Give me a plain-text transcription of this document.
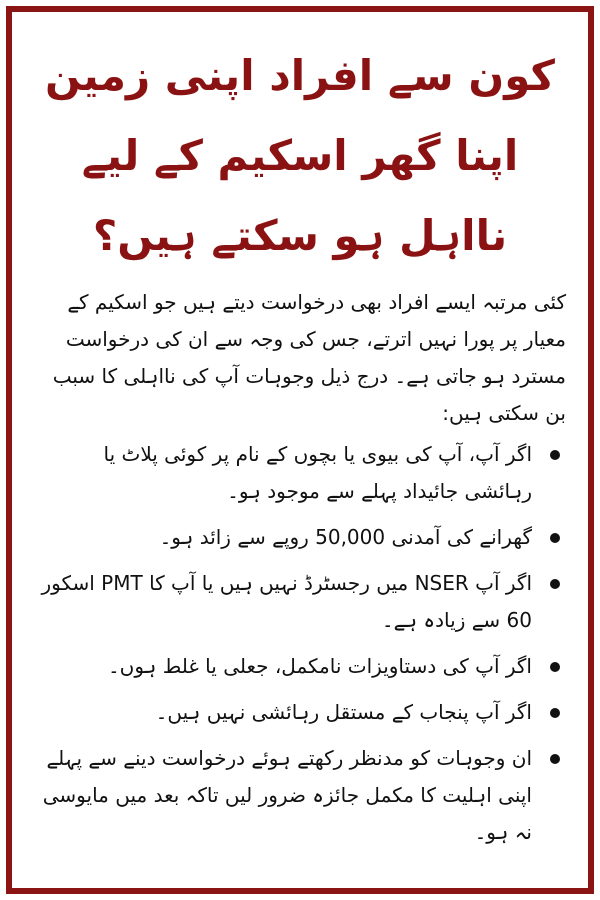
کون سے افراد اپنی زمین اپنا گھر اسکیم کے لیے نااہل ہو سکتے ہیں؟

کئی مرتبہ ایسے افراد بھی درخواست دیتے ہیں جو اسکیم کے معیار پر پورا نہیں اترتے، جس کی وجہ سے ان کی درخواست مسترد ہو جاتی ہے۔ درج ذیل وجوہات آپ کی نااہلی کا سبب بن سکتی ہیں:

اگر آپ، آپ کی بیوی یا بچوں کے نام پر کوئی پلاٹ یا رہائشی جائیداد پہلے سے موجود ہو۔
گھرانے کی آمدنی 50,000 روپے سے زائد ہو۔
اگر آپ NSER میں رجسٹرڈ نہیں ہیں یا آپ کا PMT اسکور 60 سے زیادہ ہے۔
اگر آپ کی دستاویزات نامکمل، جعلی یا غلط ہوں۔
اگر آپ پنجاب کے مستقل رہائشی نہیں ہیں۔
ان وجوہات کو مدنظر رکھتے ہوئے درخواست دینے سے پہلے اپنی اہلیت کا مکمل جائزہ ضرور لیں تاکہ بعد میں مایوسی نہ ہو۔
